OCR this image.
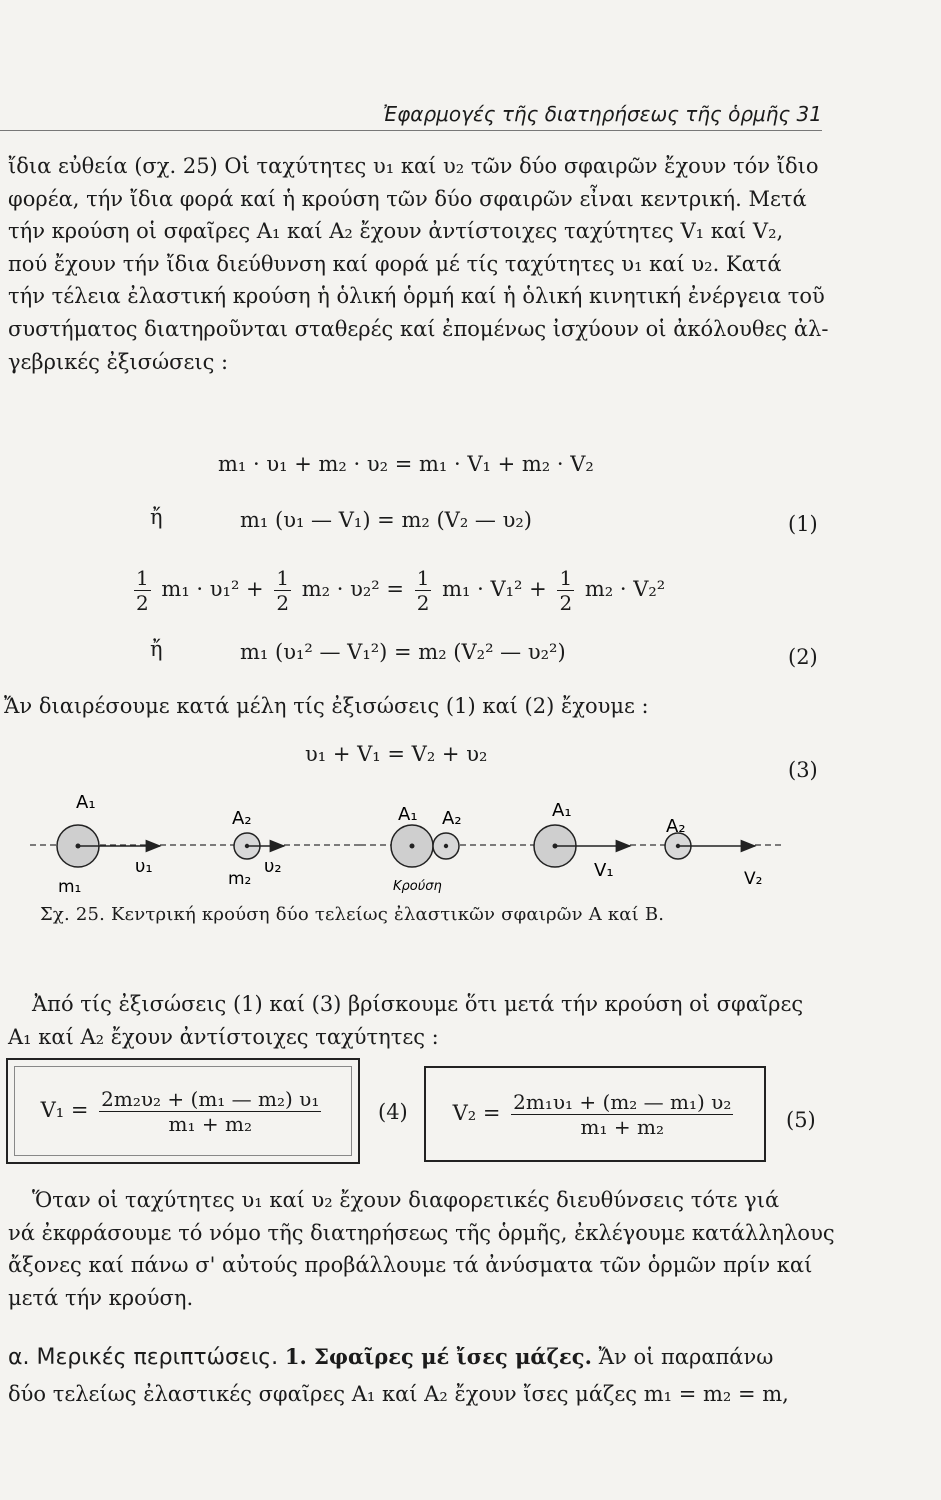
Ἐφαρμογές τῆς διατηρήσεως τῆς ὁρμῆς 31
ἴδια εὐθεία (σχ. 25) Οἱ ταχύτητες υ₁ καί υ₂ τῶν δύο σφαιρῶν ἔχουν τόν ἴδιο
φορέα, τήν ἴδια φορά καί ἡ κρούση τῶν δύο σφαιρῶν εἶναι κεντρική. Μετά
τήν κρούση οἱ σφαῖρες A₁ καί A₂ ἔχουν ἀντίστοιχες ταχύτητες V₁ καί V₂,
πού ἔχουν τήν ἴδια διεύθυνση καί φορά μέ τίς ταχύτητες υ₁ καί υ₂. Κατά
τήν τέλεια ἐλαστική κρούση ἡ ὁλική ὁρμή καί ἡ ὁλική κινητική ἐνέργεια τοῦ
συστήματος διατηροῦνται σταθερές καί ἐπομένως ἰσχύουν οἱ ἀκόλουθες ἀλ-
γεβρικές ἐξισώσεις :
m₁ · υ₁ + m₂ · υ₂ = m₁ · V₁ + m₂ · V₂
ἤ	m₁ (υ₁ — V₁) = m₂ (V₂ — υ₂)	(1)
$\frac{1}{2} m_1 \cdot \upsilon_1^2 + \frac{1}{2} m_2 \cdot \upsilon_2^2 = \frac{1}{2} m_1 \cdot V_1^2 + \frac{1}{2} m_2 \cdot V_2^2$
ἤ	m₁ (υ₁² — V₁²) = m₂ (V₂² — υ₂²)	(2)
Ἄν διαιρέσουμε κατά μέλη τίς ἐξισώσεις (1) καί (2) ἔχουμε :
υ₁ + V₁ = V₂ + υ₂
(3)
A₁
m₁
υ₁
A₂
m₂
υ₂
A₁ A₂
Κρούση
A₁
A₂
V₁	V₂
Σχ. 25. Κεντρική κρούση δύο τελείως ἐλαστικῶν σφαιρῶν Α καί Β.
Ἀπό τίς ἐξισώσεις (1) καί (3) βρίσκουμε ὅτι μετά τήν κρούση οἱ σφαῖρες
A₁ καί A₂ ἔχουν ἀντίστοιχες ταχύτητες :
$V_1 = \frac{\text{2m₂υ₂ + (m₁ — m₂) υ₁}}{\text{m₁ + m₂}}$	(4) $V_2 = \frac{\text{2m₁υ₁ + (m₂ — m₁) υ₂}}{\text{m₁ + m₂}}$	(5)
Ὅταν οἱ ταχύτητες υ₁ καί υ₂ ἔχουν διαφορετικές διευθύνσεις τότε γιά
νά ἐκφράσουμε τό νόμο τῆς διατηρήσεως τῆς ὁρμῆς, ἐκλέγουμε κατάλληλους
ἄξονες καί πάνω σ' αὐτούς προβάλλουμε τά ἀνύσματα τῶν ὁρμῶν πρίν καί
μετά τήν κρούση.
α. Μερικές περιπτώσεις. 1. Σφαῖρες μέ ἴσες μάζες. Ἄν οἱ παραπάνω
δύο τελείως ἐλαστικές σφαῖρες A₁ καί A₂ ἔχουν ἴσες μάζες m₁ = m₂ = m,
